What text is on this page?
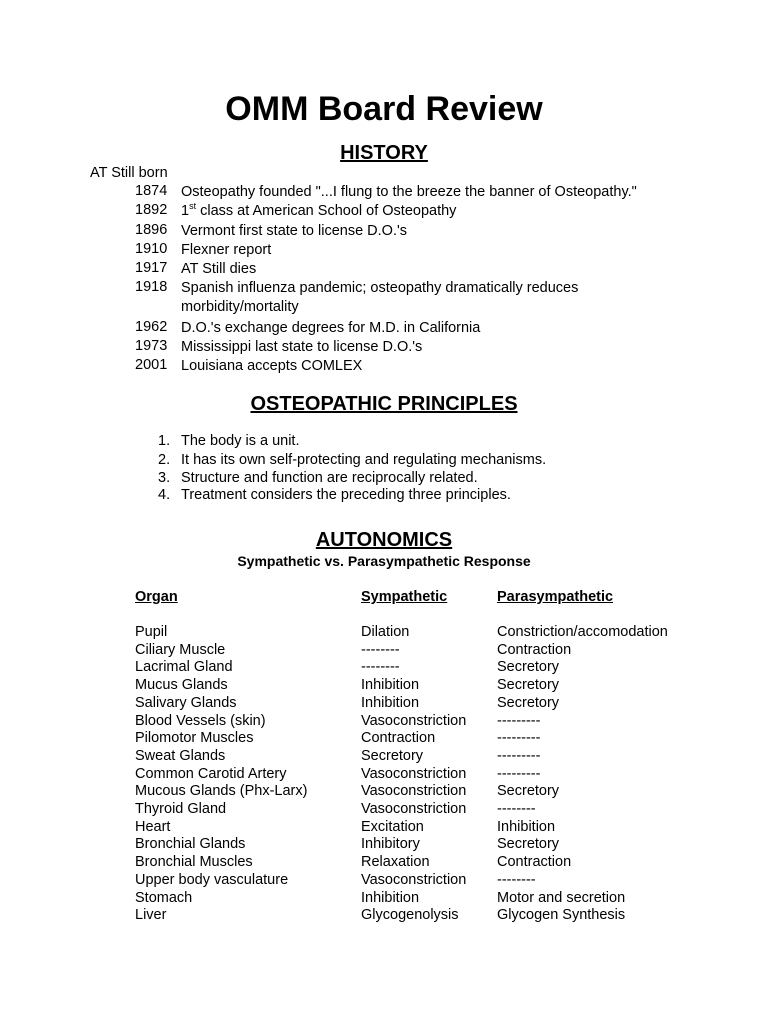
OMM Board Review
HISTORY
AT Still born
1874 Osteopathy founded "...I flung to the breeze the banner of Osteopathy."
1892 1st class at American School of Osteopathy
1896 Vermont first state to license D.O.'s
1910 Flexner report
1917 AT Still dies
1918 Spanish influenza pandemic; osteopathy dramatically reduces morbidity/mortality
1962 D.O.'s exchange degrees for M.D. in California
1973 Mississippi last state to license D.O.'s
2001 Louisiana accepts COMLEX
OSTEOPATHIC PRINCIPLES
1. The body is a unit.
2. It has its own self-protecting and regulating mechanisms.
3. Structure and function are reciprocally related.
4. Treatment considers the preceding three principles.
AUTONOMICS
Sympathetic vs. Parasympathetic Response
Organ	Sympathetic	Parasympathetic
Pupil	Dilation	Constriction/accomodation
Ciliary Muscle	--------	Contraction
Lacrimal Gland	--------	Secretory
Mucus Glands	Inhibition	Secretory
Salivary Glands	Inhibition	Secretory
Blood Vessels (skin)	Vasoconstriction ---------
Pilomotor Muscles	Contraction	---------
Sweat Glands	Secretory	---------
Common Carotid Artery	Vasoconstriction ---------
Mucous Glands (Phx-Larx)	Vasoconstriction Secretory
Thyroid Gland	Vasoconstriction --------
Heart	Excitation	Inhibition
Bronchial Glands	Inhibitory	Secretory
Bronchial Muscles	Relaxation	Contraction
Upper body vasculature	Vasoconstriction --------
Stomach	Inhibition	Motor and secretion
Liver	Glycogenolysis	Glycogen Synthesis
